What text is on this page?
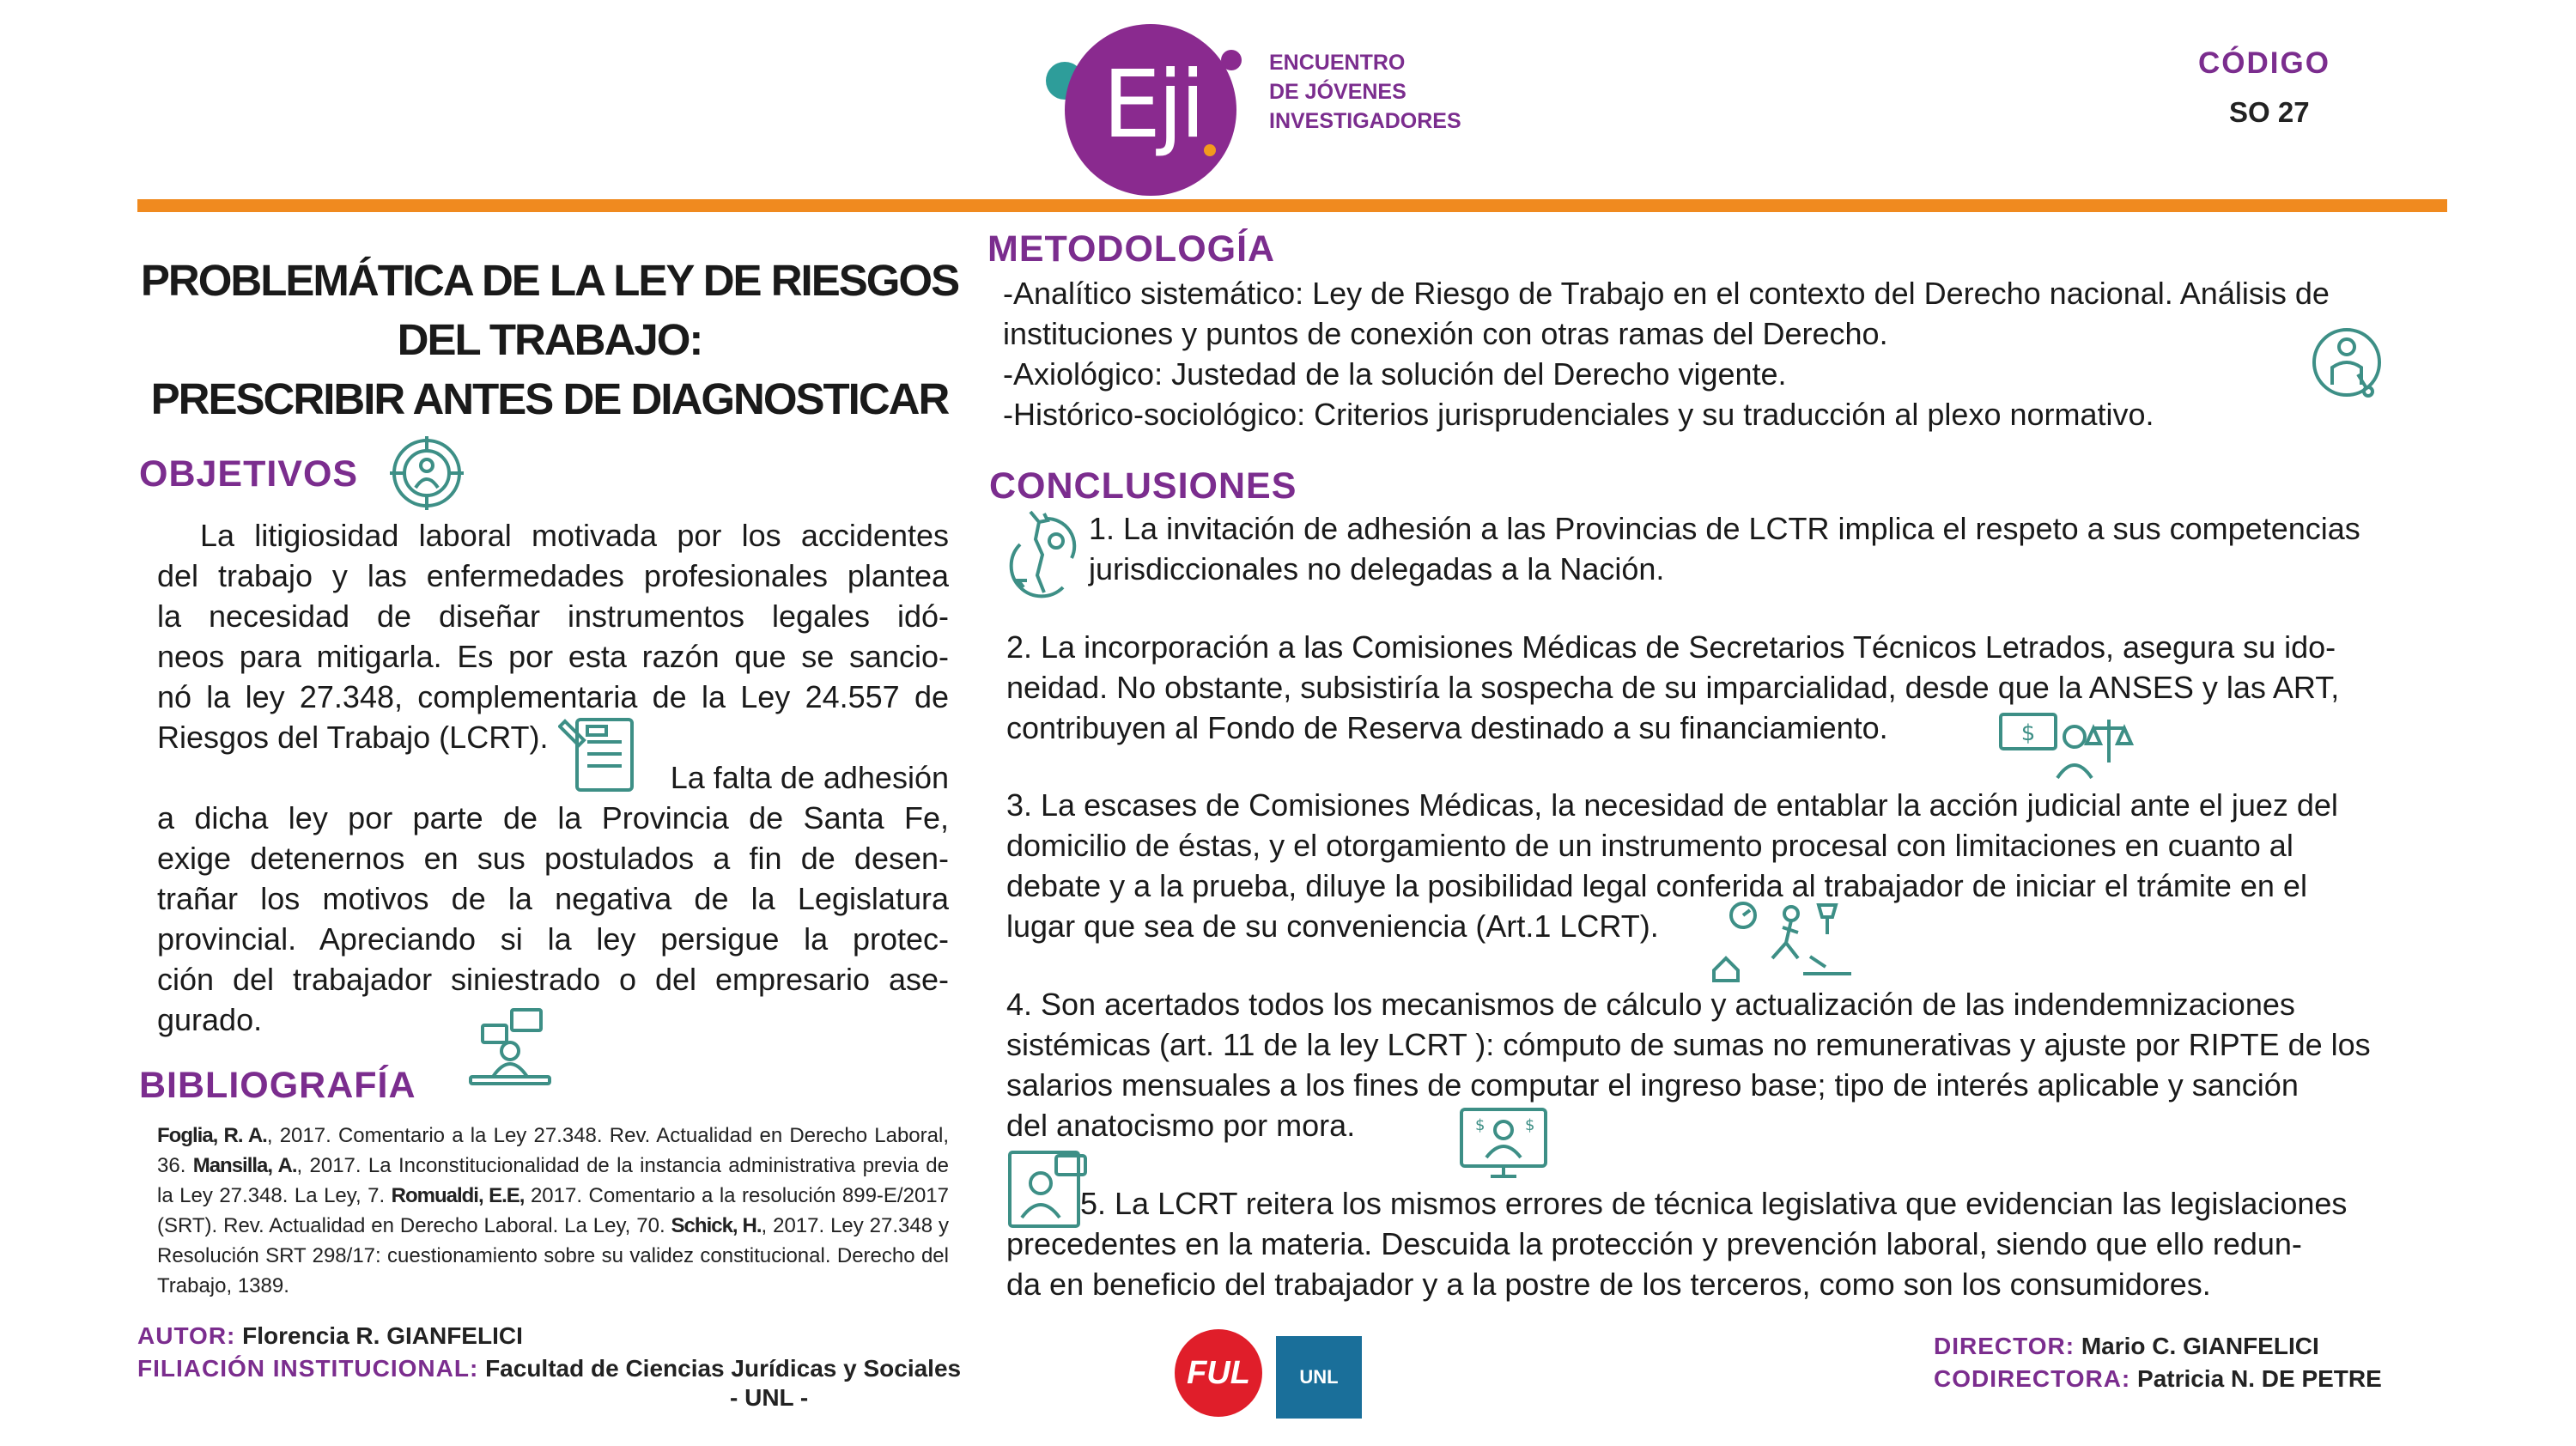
Eji	ENCUENTRO
DE JÓVENES
INVESTIGADORES
CÓDIGO
SO 27
PROBLEMÁTICA DE LA LEY DE RIESGOS
DEL TRABAJO:
PRESCRIBIR ANTES DE DIAGNOSTICAR
OBJETIVOS
La litigiosidad laboral motivada por los accidentes
del trabajo y las enfermedades profesionales plantea
la necesidad de diseñar instrumentos legales idó-
neos para mitigarla. Es por esta razón que se sancio-
nó la ley 27.348, complementaria de la Ley 24.557 de
Riesgos del Trabajo (LCRT).
La falta de adhesión
a dicha ley por parte de la Provincia de Santa Fe,
exige detenernos en sus postulados a fin de desen-
trañar los motivos de la negativa de la Legislatura
provincial. Apreciando si la ley persigue la protec-
ción del trabajador siniestrado o del empresario ase-
gurado.
BIBLIOGRAFÍA
Foglia, R. A., 2017. Comentario a la Ley 27.348. Rev. Actualidad en Derecho Laboral, 36. Mansilla, A., 2017. La Inconstitucionalidad de la instancia administrativa previa de la Ley 27.348. La Ley, 7. Romualdi, E.E, 2017. Comentario a la resolución 899-E/2017 (SRT). Rev. Actualidad en Derecho Laboral. La Ley, 70. Schick, H., 2017. Ley 27.348 y Resolución SRT 298/17: cuestionamiento sobre su validez constitucional. Derecho del Trabajo, 1389.
METODOLOGÍA
-Analítico sistemático: Ley de Riesgo de Trabajo en el contexto del Derecho nacional. Análisis de
instituciones y puntos de conexión con otras ramas del Derecho.
-Axiológico: Justedad de la solución del Derecho vigente.
-Histórico-sociológico: Criterios jurisprudenciales y su traducción al plexo normativo.
CONCLUSIONES
1. La invitación de adhesión a las Provincias de LCTR implica el respeto a sus competencias
jurisdiccionales no delegadas a la Nación.
2. La incorporación a las Comisiones Médicas de Secretarios Técnicos Letrados, asegura su ido-
neidad. No obstante, subsistiría la sospecha de su imparcialidad, desde que la ANSES y las ART,
contribuyen al Fondo de Reserva destinado a su financiamiento.	$
3. La escases de Comisiones Médicas, la necesidad de entablar la acción judicial ante el juez del
domicilio de éstas, y el otorgamiento de un instrumento procesal con limitaciones en cuanto al
debate y a la prueba, diluye la posibilidad legal conferida al trabajador de iniciar el trámite en el
lugar que sea de su conveniencia (Art.1 LCRT).
4. Son acertados todos los mecanismos de cálculo y actualización de las indendemnizaciones
sistémicas (art. 11 de la ley LCRT ): cómputo de sumas no remunerativas y ajuste por RIPTE de los
salarios mensuales a los fines de computar el ingreso base; tipo de interés aplicable y sanción
del anatocismo por mora.	$	$
5. La LCRT reitera los mismos errores de técnica legislativa que evidencian las legislaciones
precedentes en la materia. Descuida la protección y prevención laboral, siendo que ello redun-
da en beneficio del trabajador y a la postre de los terceros, como son los consumidores.
AUTOR: Florencia R. GIANFELICI
FILIACIÓN INSTITUCIONAL: Facultad de Ciencias Jurídicas y Sociales
- UNL -
FUL	UNL
DIRECTOR: Mario C. GIANFELICI
CODIRECTORA: Patricia N. DE PETRE
